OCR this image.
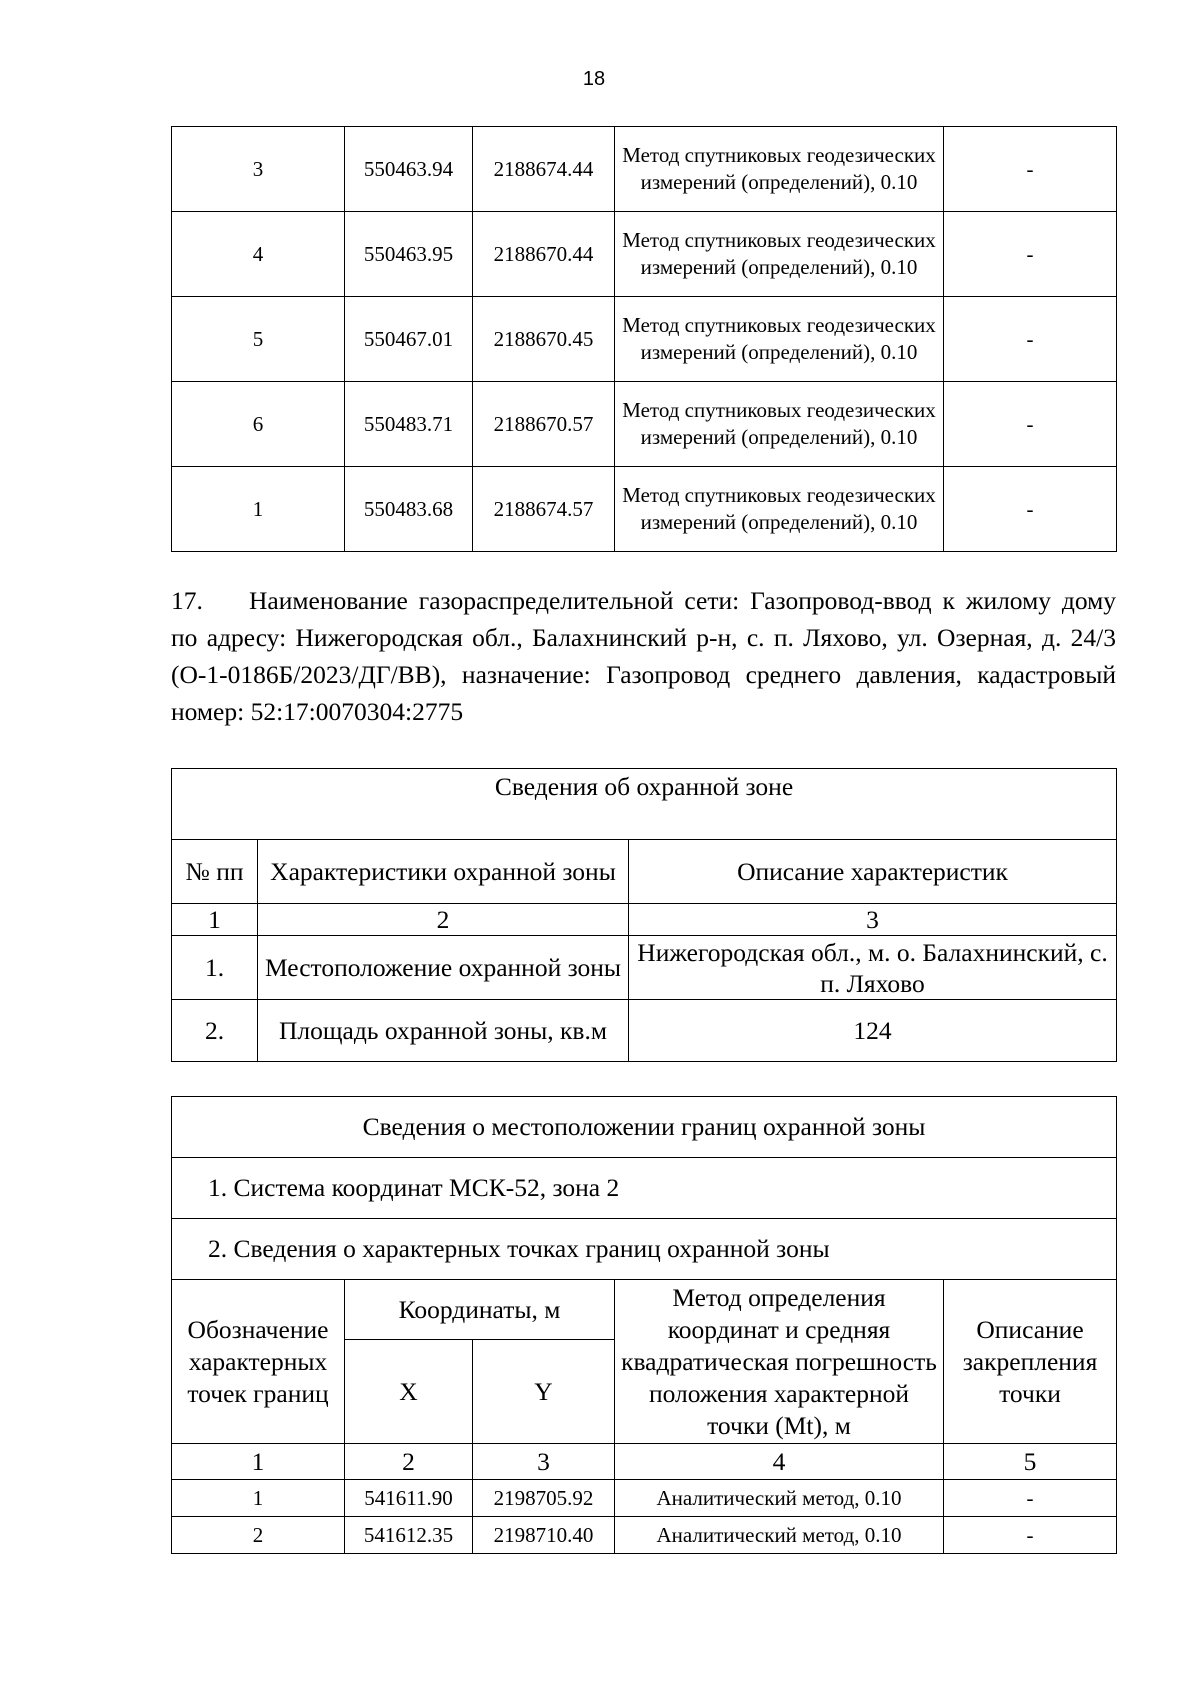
18
3	550463.94	2188674.44	Метод спутниковых геодезических измерений (определений), 0.10	-
4	550463.95	2188670.44	Метод спутниковых геодезических измерений (определений), 0.10	-
5	550467.01	2188670.45	Метод спутниковых геодезических измерений (определений), 0.10	-
6	550483.71	2188670.57	Метод спутниковых геодезических измерений (определений), 0.10	-
1	550483.68	2188674.57	Метод спутниковых геодезических измерений (определений), 0.10	-

17. Наименование газораспределительной сети: Газопровод-ввод к жилому дому по адресу: Нижегородская обл., Балахнинский р-н, с. п. Ляхово, ул. Озерная, д. 24/3 (О-1-0186Б/2023/ДГ/ВВ), назначение: Газопровод среднего давления, кадастровый номер: 52:17:0070304:2775

Сведения об охранной зоне		
№ пп	Характеристики охранной зоны	Описание характеристик
1	2	3
1.	Местоположение охранной зоны	Нижегородская обл., м. о. Балахнинский, с. п. Ляхово
2.	Площадь охранной зоны, кв.м	124
Сведения о местоположении границ охранной зоны				
1. Система координат МСК-52, зона 2				
2. Сведения о характерных точках границ охранной зоны				
Обозначение характерных точек границ	Координаты, м		Метод определения координат и средняя квадратическая погрешность положения характерной точки (Mt), м	Описание закрепления точки
	X	Y		
1	2	3	4	5
1	541611.90	2198705.92	Аналитический метод, 0.10	-
2	541612.35	2198710.40	Аналитический метод, 0.10	-
